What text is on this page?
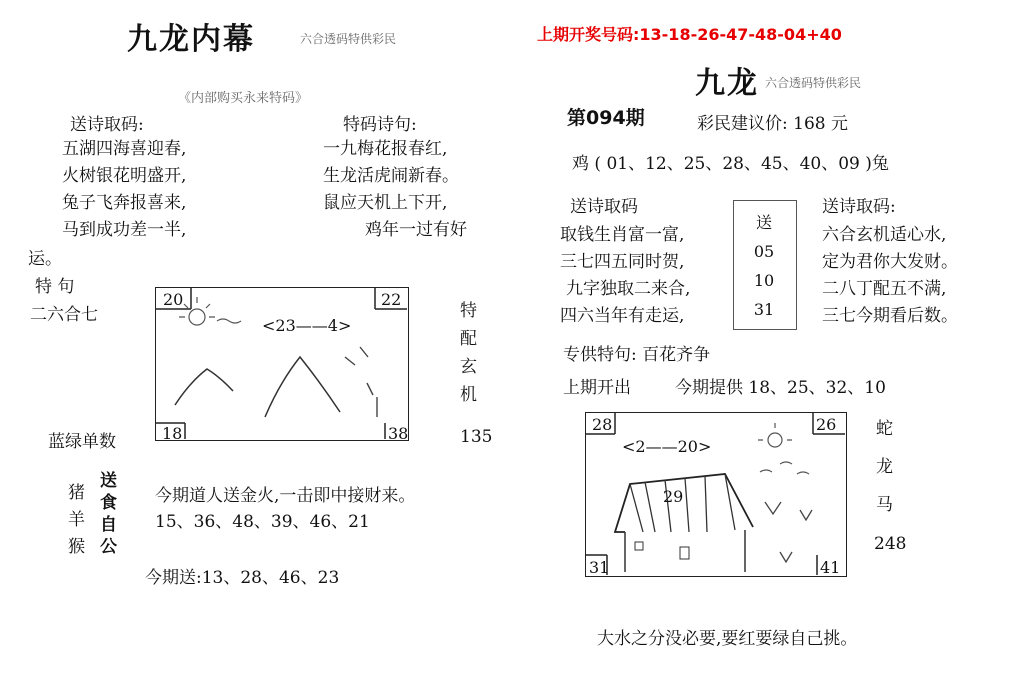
九龙内幕	六合透码特供彩民
《内部购买永来特码》
送诗取码:
五湖四海喜迎春,
火树银花明盛开,
兔子飞奔报喜来,
马到成功差一半,
特码诗句:
一九梅花报春红,
生龙活虎闹新春。
鼠应天机上下开,
鸡年一过有好
运。
特 句
二六合七
20	22
18	38
<23——4>
特
配
玄
机
蓝绿单数	135
猪
羊
猴
送
食
自
公
今期道人送金火,一击即中接财来。
15、36、48、39、46、21
今期送:13、28、46、23
上期开奖号码:13-18-26-47-48-04+40
九龙 六合透码特供彩民
第094期	彩民建议价: 168 元
鸡 ( 01、12、25、28、45、40、09 )兔
送诗取码
取钱生肖富一富,
三七四五同时贺,
九字独取二来合,
四六当年有走运,
送
05
10
31
送诗取码:
六合玄机适心水,
定为君你大发财。
二八丁配五不满,
三七今期看后数。
专供特句: 百花齐争
上期开出	今期提供 18、25、32、10
28	26
31	41
<2——20>
29
蛇
龙
马
248
大水之分没必要,要红要绿自己挑。
